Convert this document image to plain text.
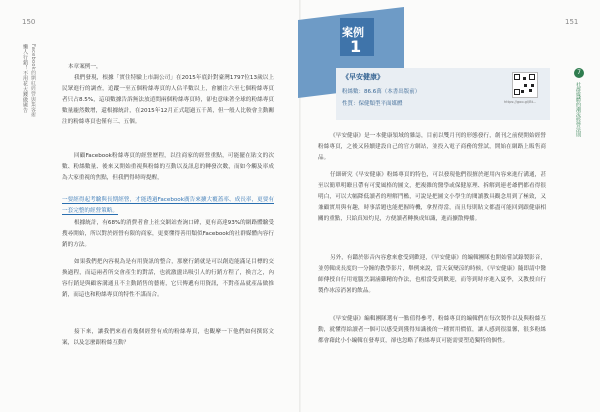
150
懶人行銷！不用花大錢做廣告 Facebook的網紅經營與集客術	本章案例一，

我們發現，根據「實住特驗上市調公司」在2015年底針對臺灣1797位13歲以上民眾進行的調查，追蹤一至五個粉絲專頁的人佔半數以上，會屬注六至七個粉絲專頁者只占8.5%，這項數據告訴無法放逍問兩個粉絲專頁時，卻也意味著全球的粉絲專頁數量龐然數增，還根據統計，在2015年12月正式超過五千萬，但一般人比較會主動關注的粉絲專頁也僅有三、五個。

回顧Facebook粉絲專頁的經營歷程，以往商家的經營重點，可能擺在貼文的次數、粉絲數量、後來又開始重視與粉絲的互動以及訊息的轉發次數，而如今觸及率成為大家重視的焦點，但我們得時時提醒，

一要經得起考驗與長期經營，才能透過Facebook廣告來擴大覆蓋率、成長率，更要有一套完整的經營策略。

根據統計，有68%的消費者會上社交網站查詢口碑，更有高達93%的網路體驗受搜尋開始，所以對於經營有限的商家，更要懂得善用類似Facebook的社群媒體內容行銷的方法。

如果我們把內容視為是有用資訊的整合，那麼行銷就是可以創造能滿足目標的交換過程，而這兩者所交會產生的對話，也就激盪出吸引人的行銷方程了，換言之，內容行銷是與顧客溝通且不主動銷售的藝術，它只傳遞有用資訊，不對產品就產品做推銷，而這也和粉絲專頁的特性不謀而合。

接下來，讓我們來看看幾個經營有成的粉絲專頁，也觀摩一下他們如何撰寫文案，以及怎麼跟粉絲互動？

151
案例
1
《早安健康》
粉絲數：86.6萬（本書出版前）
性質：保健類型平面媒體	https://goo.gl/Bt...
7
社群媒體的潮流經營法則

《早安健康》是一本健康領域的雜誌，目前以雙月刊的形態發行，創刊之前便開始經營粉絲專頁，之後又陸續建設自己的官方網站，並投入電子商務的營試，開始在網路上販售商品。

仔細研究《早安健康》粉絲專頁的特色，可以發現他們很擅於運用內容來進行溝通，甚至以簡單明瞭且帶有可愛風格的圖文，把複雜的醫學或保健原理、拆解到連老爺們都看得很明白，可以大幅降低讀者的理解門檻，可說是把圖文小學生的閱讀教具觀念用到了極致，又兼顧實用與有趣，時事話題也能把握時機，拿捏得當，而且每則貼文都盡可能回到跟健康相關的重點，只給真知灼見，方便讀者轉換成知識，進而擴散傳播。

另外，有鑑於影音內容愈來愈受到歡迎，《早安健康》的編輯團隊也開始嘗試錄製影音，並剪輯成長度約一分鐘的教學影片，舉例來說，當天氣變涼的時候，《早安健康》隨即請中醫師傳授自行用電腦烹調滷雞精的作法，也相當受到歡迎，而等到時序進入夏季，又教授自行製作冰涼消暑的飲品。

《早安健康》編輯團隊選有一點值得參考，粉絲專頁的編輯們在每次製作以及與粉絲互動，就懂得給讀者一個可以感受到獲得知識後的一種實用價值，讓人感到很溫馨，很多粉絲都會藉此小小編輯在發專頁，卻也忽略了粉絲專頁可能需要塑造獨特的個性。
